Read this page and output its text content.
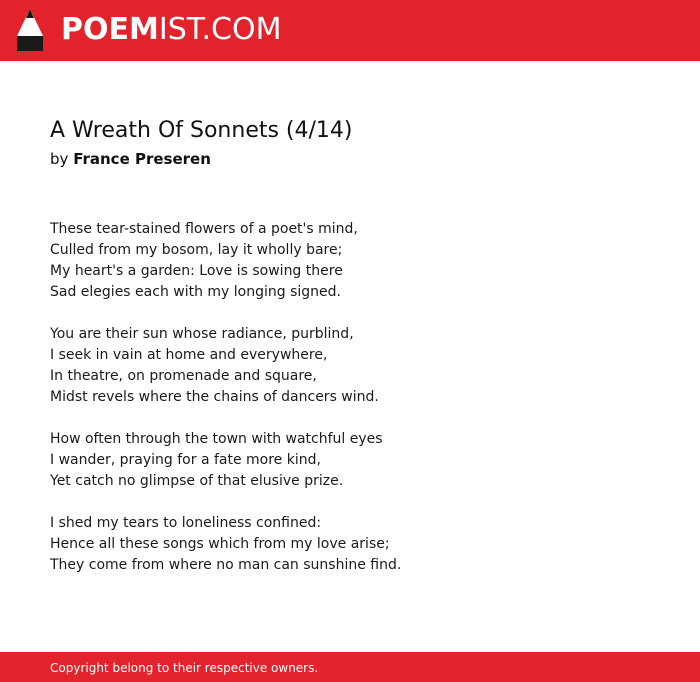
POEMIST.COM
A Wreath Of Sonnets (4/14)
by France Preseren
These tear-stained flowers of a poet's mind,
Culled from my bosom, lay it wholly bare;
My heart's a garden: Love is sowing there
Sad elegies each with my longing signed.
You are their sun whose radiance, purblind,
I seek in vain at home and everywhere,
In theatre, on promenade and square,
Midst revels where the chains of dancers wind.
How often through the town with watchful eyes
I wander, praying for a fate more kind,
Yet catch no glimpse of that elusive prize.
I shed my tears to loneliness confined:
Hence all these songs which from my love arise;
They come from where no man can sunshine find.
Copyright belong to their respective owners.
